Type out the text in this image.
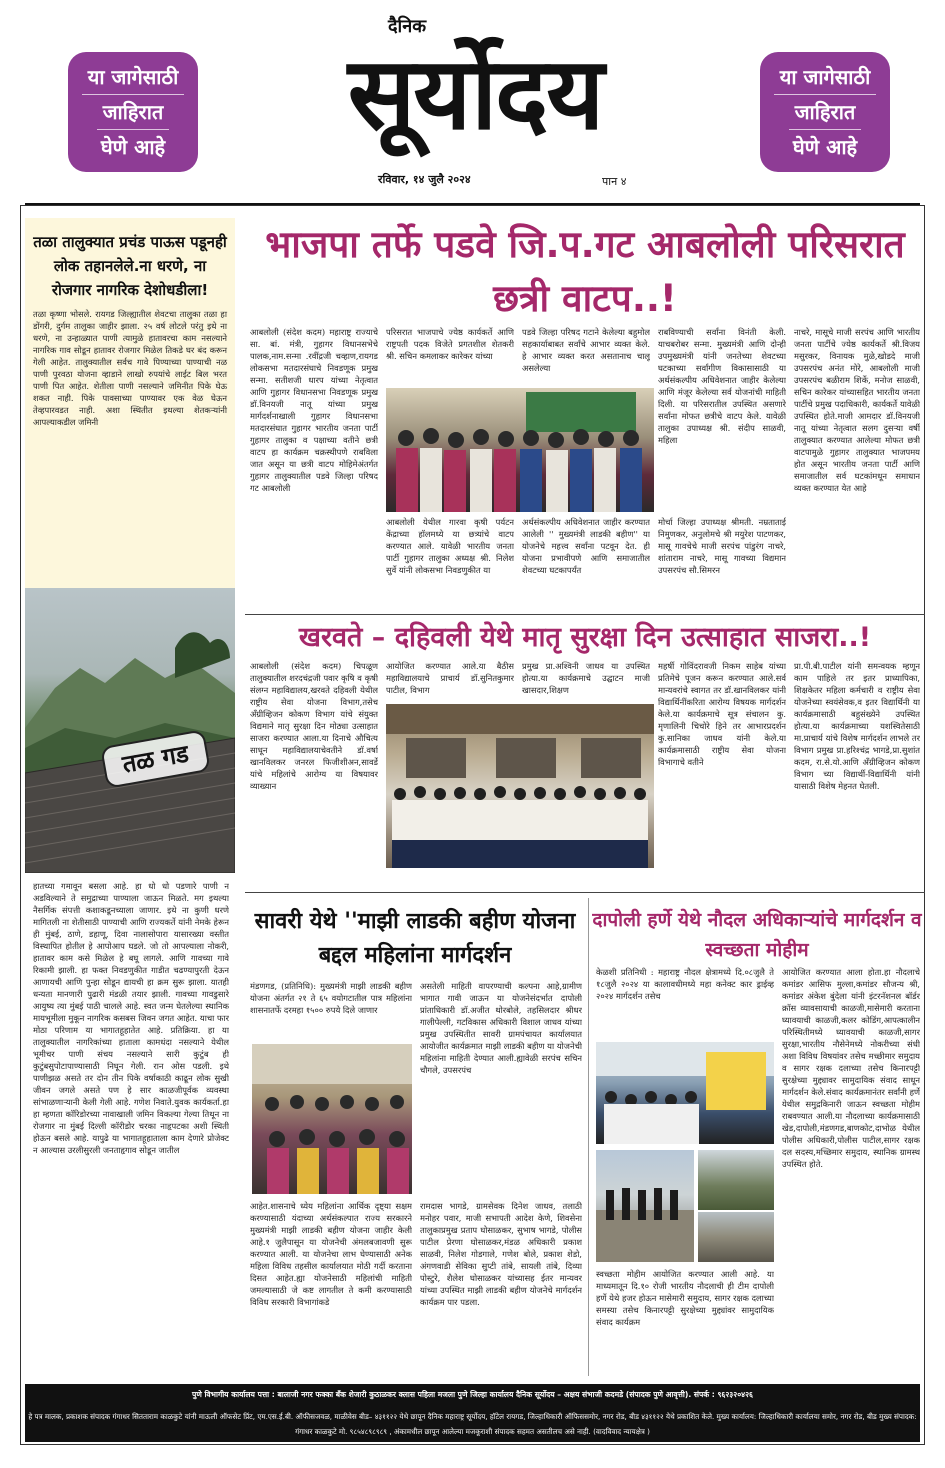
या जागेसाठी
जाहिरात
घेणे आहे
या जागेसाठी
जाहिरात
घेणे आहे
दैनिक
सूर्योदय
रविवार, १४ जुलै २०२४	पान ४
तळा तालुक्यात प्रचंड पाऊस पडूनही लोक तहानलेले.ना धरणे, ना रोजगार नागरिक देशोधडीला!
तळा कृष्णा भोसले. रायगड जिल्ह्यातील शेवटचा तालुका तळा हा डोंगरी, दुर्गम तालुका जाहीर झाला. २५ वर्ष लोटले परंतु इथे ना धरणे, ना उन्हाळ्यात पाणी त्यामुळे हातावरचा काम नसल्याने नागरिक गाव सोडून हातावर रोजगार मिळेल तिकडे घर बंद करून गेली आहेत. तालुक्यातील सर्वच गावे पिण्याच्या पाण्याची नळ पाणी पुरवठा योजना व्हाडाने लाखो रुपयांचे लाईट बिल भरत पाणी पित आहेत. शेतीला पाणी नसल्याने जमिनीत पिके घेऊ शकत नाही. पिके पावसाच्या पाण्यावर एक वेळ घेऊन तेव्हपारवडत नाही. अशा स्थितीत इथल्या शेतकऱ्यांनी आपल्याकडील जमिनी
तळ गड
हातच्या गमावून बसला आहे. हा धो धो पडणारे पाणी न अडविल्याने ते समुद्राच्या पाण्याला जाऊन मिळते. मग इथल्या नैसर्गिक संपत्ती कशाकडूनच्याला जाणार. इथे ना कुणी धरणे मागितली ना शेतीसाठी पाण्याची आणि राज्यकर्ते यांनी नेमके हेरून ही मुंबई, ठाणे, डहाणू, दिवा नालासोपारा यासारख्या वस्तीत विस्थापित होतील हे आपोआप घडले. जो तो आपल्याला नोकरी, हातावर काम कसे मिळेल हे बघू लागले. आणि गावच्या गावे रिकामी झाली. हा फक्त निवडणुकीत गाडीत चढण्यापुरती देऊन आणायची आणि पुन्हा सोडून द्यायची हा क्रम सुरू झाला. यातही धन्यता मानणारी पुढारी मंडळी तयार झाली. गावच्या गावडुसारे आयुष्य त्या मुंबई पाठी चालले आहे. स्वत जन्म घेतलेल्या स्थानिक मायभूमीला मुकून नागरिक कसबस जिवन जगत आहेत. याचा फार मोठा परिणाम या भागातहूहातेत आहे. प्रतिक्रिया. हा या तालुक्यातील नागरिकांच्या हाताला कामधंदा नसल्याने येथील भूमीचर पाणी संचय नसल्याने सारी कुटुंब ही कुटुंबसुपोटापाण्यासाठी निघून गेली. रान ओस पडली. इथे पाणीझळ असते तर दोन तीन पिके वर्षाकाठी काढून लोक सुखी जीवन जगले असते पण हे सार काळजीपूर्वक व्यवस्था सांभाळणाऱ्यानी केली गेली आहे. गणेश निवाते.युवक कार्यकर्ता.हा हा म्हणता कॉरिडोरच्या नावाखाली जमिन विकल्या गेल्या तिथून ना रोजगार ना मुंबई दिल्ली कॉरीडोर चरका नाहृपटका अशी स्थिती होऊन बसले आहे. यापुढे या भागातहूहाताला काम देणारे प्रोजेक्ट न आल्यास उरलीसुरली जनताहृगाव सोडून जातील
भाजपा तर्फे पडवे जि.प.गट आबलोली परिसरात छत्री वाटप..!
आबलोली (संदेश कदम) महाराष्ट्र राज्याचे सा. बां. मंत्री, गुहागर विधानसभेचे पालक,नाम.सन्मा .रवींद्रजी चव्हाण,रायगड लोकसभा मतदारसंघाचे निवडणूक प्रमुख सन्मा. सतीशजी धारप यांच्या नेतृत्वात आणि गुहागर विधानसभा निवडणूक प्रमुख डॉ.विनयजी नातू यांच्या प्रमुख मार्गदर्शनाखाली गुहागर विधानसभा मतदारसंघात गुहागर भारतीय जनता पार्टी गुहागर तालुका व पक्षाच्या वतीने छत्री वाटप हा कार्यक्रम चक्रस्थीपणे राबविला जात असून या छत्री वाटप मोहिमेअंतर्गत गुहागर तालुक्यातील पडवे जिल्हा परिषद गट आबलोली
परिसरात भाजपाचे ज्येष्ठ कार्यकर्ते आणि राष्ट्रपती पदक विजेते प्रगतशील शेतकरी श्री. सचिन कमलाकर कारेकर यांच्या
पडवे जिल्हा परिषद गटाने केलेल्या बहुमोल सहकार्याबाबत सर्वांचे आभार व्यक्त केले. हे आभार व्यक्त करत असतानाच चालू असलेल्या
राबविण्याची सर्वांना विनंती केली. याचबरोबर सन्मा. मुख्यमंत्री आणि दोन्ही उपमुख्यमंत्री यांनी जनतेच्या शेवटच्या घटकाच्या सर्वांगीण विकासासाठी या अर्थसंकल्पीय अधिवेशनात जाहीर केलेल्या आणि मंजूर केलेल्या सर्व योजनांची माहिती दिली. या परिसरातील उपस्थित असणारे सर्वांना मोफत छत्रीचे वाटप केले. यावेळी तालुका उपाध्यक्ष श्री. संदीप साळवी, महिला
नाचरे, मासूचे माजी सरपंच आणि भारतीय जनता पार्टीचे ज्येष्ठ कार्यकर्ते श्री.विजय मसुरकर, विनायक मुळे,खोडदे माजी उपसरपंच अनंत मोरे, आबलोली माजी उपसरपंच बळीराम शिर्के, मनोज साळवी, सचिन कारेकर यांच्यासहित भारतीय जनता पार्टीचे प्रमुख पदाधिकारी, कार्यकर्ते यावेळी उपस्थित होते.माजी आमदार डॉ.विनयजी नातू यांच्या नेतृत्वात सलग दुसऱ्या वर्षी तालुक्यात करण्यात आलेल्या मोफत छत्री वाटपामुळे गुहागर तालुक्यात भाजपमय होत असून भारतीय जनता पार्टी आणि समाजातील सर्व घटकांमधून समाधान व्यक्त करण्यात येत आहे
आबलोली येथील गारवा कृषी पर्यटन केंद्राच्या हॉलमध्ये या छत्र्यांचे वाटप करण्यात आले. यावेळी भारतीय जनता पार्टी गुहागर तालुका अध्यक्ष श्री. निलेश सुर्वे यांनी लोकसभा निवडणुकीत या
अर्थसंकल्पीय अधिवेशनात जाहीर करण्यात आलेली '' मुख्यमंत्री लाडकी बहीण'' या योजनेचे महत्त्व सर्वांना पटवून देत. ही योजना प्रभावीपणे आणि समाजातील शेवटच्या घटकापर्यंत
मोर्चा जिल्हा उपाध्यक्ष श्रीमती. नम्रताताई निमुणकर, अनुलोमचे श्री मयुरेश पाटणकर, मासू गावचेचे माजी सरपंच पांडुरंग नाचरे, शांताराम नाचरे, मासू गावच्या विद्यमान उपसरपंच सौ.सिमरन
खरवते – दहिवली येथे मातृ सुरक्षा दिन उत्साहात साजरा..!
आबलोली (संदेश कदम) चिपळूण तालुक्यातील शरदचंद्रजी पवार कृषि व कृषी संलग्न महाविद्यालय,खरवते दहिवली येथील राष्ट्रीय सेवा योजना विभाग,तसेच अँग्रीव्हिजन कोकण विभाग यांचे संयुक्त विद्यमाने मातृ सुरक्षा दिन मोठ्या उत्साहात साजरा करण्यात आला.या दिनाचे औचित्य साधून महाविद्यालयाचेवतीने डॉ.वर्षा खानविलकर जनरल फिजीशीअन,सावर्डे यांचे महिलांचे आरोग्य या विषयावर व्याख्यान
आयोजित करण्यात आले.या बैठीस महाविद्यालयाचे प्राचार्य डॉ.सुनितकुमार पाटील, विभाग
प्रमुख प्रा.अश्विनी जाधव या उपस्थित होत्या.या कार्यक्रमाचे उद्घाटन माजी खासदार,शिक्षण
महर्षी गोविंदरावजी निकम साहेब यांच्या प्रतिमेचे पूजन करून करण्यात आले.सर्व मान्यवरांचे स्वागत तर डॉ.खानविलकर यांनी विद्यार्थिनींकरिता आरोग्य विषयक मार्गदर्शन केले.या कार्यक्रमाचे सूत्र संचालन कु. मृणालिनी चिचोरे हिने तर आभारप्रदर्शन कु.सानिका जाधव यांनी केले.या कार्यक्रमासाठी राष्ट्रीय सेवा योजना विभागाचे वतीने
प्रा.पी.बी.पाटील यांनी समन्वयक म्हणून काम पाहिले तर इतर प्राध्यापिका, शिक्षकेतर महिला कर्मचारी व राष्ट्रीय सेवा योजनेच्या स्वयंसेवक,व इतर विद्यार्थिनी या कार्यक्रमासाठी बहुसंख्येने उपस्थित होत्या.या कार्यक्रमाच्या यशस्वितेसाठी मा.प्राचार्य यांचे विशेष मार्गदर्शन लाभले तर विभाग प्रमुख प्रा.हरिश्चंद्र भागडे,प्रा.सुशांत कदम, रा.से.यो.आणि अँग्रीव्हिजन कोकण विभाग च्या विद्यार्थी-विद्यार्थिनी यांनी यासाठी विशेष मेहनत घेतली.
सावरी येथे ''माझी लाडकी बहीण योजना बद्दल महिलांना मार्गदर्शन
मंडणगड, (प्रतिनिधि): मुख्यमंत्री माझी लाडकी बहीण योजना अंतर्गत २१ ते ६५ वयोगटातील पात्र महिलांना शासनातर्फे दरमहा १५०० रुपये दिले जाणार
असतेली माहिती वापरण्याची कल्पना आहे,ग्रामीण भागात गावी जाऊन या योजनेसंदर्भात दापोली प्रांताधिकारी डॉ.अजीत थोरबोले, तहसिलदार श्रीधर गालीपेल्ली, गटविकास अधिकारी विशाल जाधव यांच्या प्रमुख उपस्थितीत सावरी ग्रामपंचायत कार्यालयात आयोजीत कार्यक्रमात माझी लाडकी बहीण या योजनेची महिलांना माहिती देण्यात आली.ह्यावेळी सरपंच सचिन चौगले, उपसरपंच
आहेत.शासनाचे ध्येय महिलांना आर्थिक दृष्ट्या सक्षम करण्यासाठी यंदाच्या अर्थसंकल्पात राज्य सरकारने मुख्यमंत्री माझी लाडकी बहीण योजना जाहीर केली आहे.१ जुलैपासून या योजनेची अंमलबजावणी सुरू करण्यात आली. या योजनेचा लाभ घेण्यासाठी अनेक महिला विविध तहसील कार्यालयात मोठी गर्दी करताना दिसत आहेत.ह्या योजनेसाठी महिलांची माहिती जमल्यासाठी जे कष्ट लागतील ते कमी करण्यासाठी विविध सरकारी विभागांकडे
रामदास भागडे, ग्रामसेवक दिनेश जाधव, तलाठी मनोहर पवार, माजी सभापती आदेश केणे, शिवसेना तालुकाप्रमुख प्रताप घोसाळकर, सुभाष भागडे, पोलीस पाटील प्रेरणा घोसाळकर,मंडळ अधिकारी प्रकाश साळवी, निलेश गोडगाले, गणेश बोले, प्रकाश शेडो, अंगणवाडी सेविका सुप्टी तांबे, सायली तांबे, दिव्या पोस्टुरे, शैलेश घोसाळकर यांच्यासह ईतर मान्यवर यांच्या उपस्थित माझी लाडकी बहीण योजनेचे मार्गदर्शन कार्यक्रम पार पडला.
दापोली हर्णे येथे नौदल अधिकाऱ्यांचे मार्गदर्शन व स्वच्छता मोहीम
केळशी प्रतिनिधी : महाराष्ट्र नौदल क्षेत्रामध्ये दि.०८जुलै ते १८जुलै २०२४ या कालावधीमध्ये महा कनेक्ट कार ड्राईव्ह २०२४ मार्गदर्शन तसेच
आयोजित करण्यात आला होता.हा नौदलाचे कमांडर आसिफ मुल्ला,कमांडर सौजन्य श्री, कमांडर अंकेश बुंदेला यांनी इंटरनॅशनल बॉर्डर क्रॉस व्यावसायाची काळजी,मासेमारी करताना घ्यावयाची काळजी,कलर कोडिंग,आपत्कालीन परिस्थितीमध्ये घ्यावयाची काळजी,सागर सुरक्षा,भारतीय नौसेनेमध्ये नोकरीच्या संधी अशा विविध विषयांवर तसेच मच्छीमार समुदाय व सागर रक्षक दलाच्या तसेच किनारपट्टी सुरक्षेच्या मुद्द्यावर सामुदायिक संवाद साधून मार्गदर्शन केले.संवाद कार्यक्रमानंतर सर्वांनी हर्णे येथील समुद्रकिनारी जाऊन स्वच्छता मोहीम राबवण्यात आली.या नौदलाच्या कार्यक्रमासाठी खेड,दापोली,मंडणगड,बाणकोट,दाभोळ येथील पोलीस अधिकारी,पोलीस पाटील,सागर रक्षक दल सदस्य,मच्छिमार समुदाय, स्थानिक ग्रामस्थ उपस्थित होते.
स्वच्छता मोहीम आयोजित करण्यात आली आहे. या माध्यमातून दि.१० रोजी भारतीय नौदलाची ही टीम दापोली हर्णे येथे हजर होऊन मासेमारी समुदाय, सागर रक्षक दलाच्या समस्या तसेच किनारपट्टी सुरक्षेच्या मुद्द्यांवर सामुदायिक संवाद कार्यक्रम
पुणे विभागीय कार्यालय पत्ता : बालाजी नगर फक्का बँक शेजारी कुठाळकर क्लास पहिला मजला पुणे जिल्हा कार्यालय दैनिक सूर्योदय – अक्षय संभाजी कदमडे (संपादक पुणे आवृत्ती). संपर्क : ९६२३२०४२६
हे पत्र मालक, प्रकाशक संपादक गंगाधर सितताराम काळकुटे यांनी माऊली ऑफसेट प्रिंट, एम.एस.ई.बी. ऑफीसजवळ, माळीवेस बीड– ४३११२२ येथे छापून दैनिक महाराष्ट्र सूर्योदय, हॉटेल रायगड, जिल्हाधिकारी ऑफिससमोर, नगर रोड, बीड ४३११२२ येथे प्रकाशित केले. मुख्य कार्यालय: जिल्हाधिकारी कार्यालया समोर, नगर रोड, बीड मुख्य संपादक: गंगाधर काळकुटे मो. ९८५४८९८९८९ , अंकामधील छापून आलेल्या मजकूराशी संपादक सहमत असतीलच असे नाही. (वादविवाद न्यायक्षेत्र )
